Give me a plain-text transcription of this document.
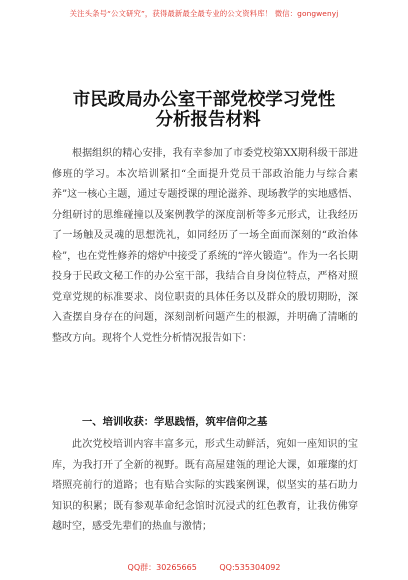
关注头条号“公文研究”，获得最新最全最专业的公文资料库！ 微信：gongwenyj
市民政局办公室干部党校学习党性
分析报告材料

根据组织的精心安排，我有幸参加了市委党校第XX期科级干部进修班的学习。本次培训紧扣“全面提升党员干部政治能力与综合素养”这一核心主题，通过专题授课的理论滋养、现场教学的实地感悟、分组研讨的思维碰撞以及案例教学的深度剖析等多元形式，让我经历了一场触及灵魂的思想洗礼，如同经历了一场全面而深刻的“政治体检”，也在党性修养的熔炉中接受了系统的“淬火锻造”。作为一名长期投身于民政文秘工作的办公室干部，我结合自身岗位特点，严格对照党章党规的标准要求、岗位职责的具体任务以及群众的殷切期盼，深入查摆自身存在的问题，深刻剖析问题产生的根源，并明确了清晰的整改方向。现将个人党性分析情况报告如下：

一、培训收获：学思践悟，筑牢信仰之基

此次党校培训内容丰富多元，形式生动鲜活，宛如一座知识的宝库，为我打开了全新的视野。既有高屋建瓴的理论大课，如璀璨的灯塔照亮前行的道路；也有贴合实际的实践案例课，似坚实的基石助力知识的积累；既有参观革命纪念馆时沉浸式的红色教育，让我仿佛穿越时空，感受先辈们的热血与激情；

QQ群：30265665	QQ:535304092
